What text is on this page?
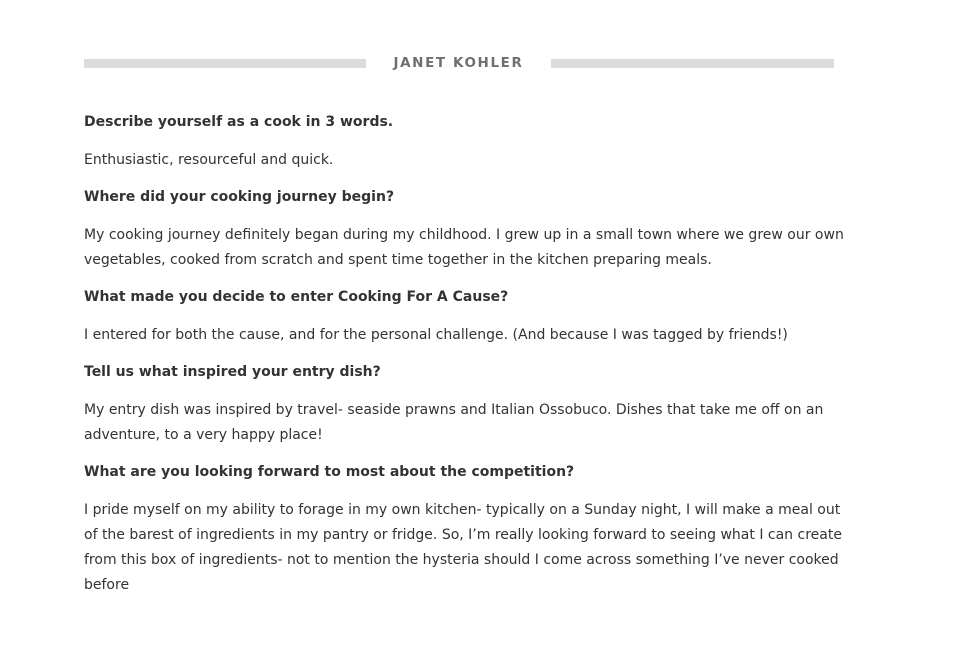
JANET KOHLER

Describe yourself as a cook in 3 words.

Enthusiastic, resourceful and quick.

Where did your cooking journey begin?

My cooking journey definitely began during my childhood. I grew up in a small town where we grew our own vegetables, cooked from scratch and spent time together in the kitchen preparing meals.

What made you decide to enter Cooking For A Cause?

I entered for both the cause, and for the personal challenge. (And because I was tagged by friends!)

Tell us what inspired your entry dish?

My entry dish was inspired by travel- seaside prawns and Italian Ossobuco. Dishes that take me off on an adventure, to a very happy place!

What are you looking forward to most about the competition?

I pride myself on my ability to forage in my own kitchen- typically on a Sunday night, I will make a meal out of the barest of ingredients in my pantry or fridge. So, I’m really looking forward to seeing what I can create from this box of ingredients- not to mention the hysteria should I come across something I’ve never cooked before
